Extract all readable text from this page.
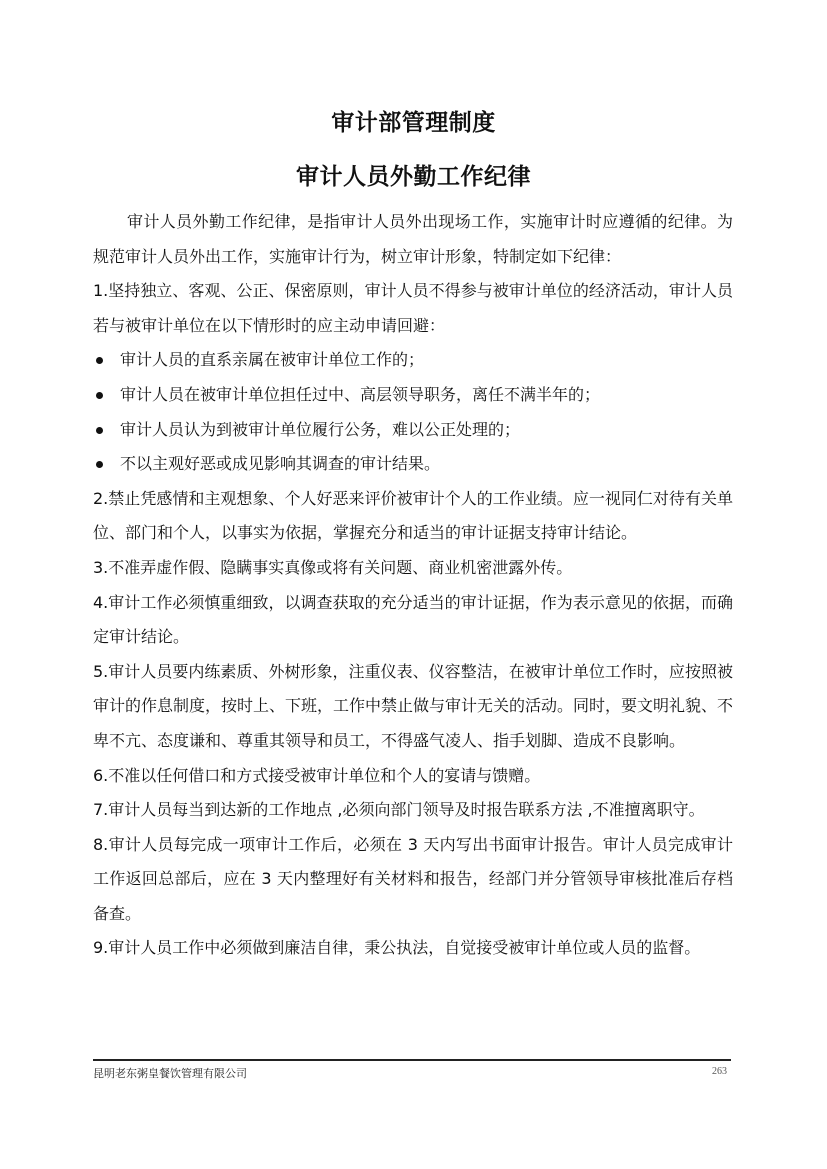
审计部管理制度
审计人员外勤工作纪律

审计人员外勤工作纪律，是指审计人员外出现场工作，实施审计时应遵循的纪律。为规范审计人员外出工作，实施审计行为，树立审计形象，特制定如下纪律：

1.坚持独立、客观、公正、保密原则，审计人员不得参与被审计单位的经济活动，审计人员若与被审计单位在以下情形时的应主动申请回避：

审计人员的直系亲属在被审计单位工作的；

审计人员在被审计单位担任过中、高层领导职务，离任不满半年的；

审计人员认为到被审计单位履行公务，难以公正处理的；

不以主观好恶或成见影响其调查的审计结果。

2.禁止凭感情和主观想象、个人好恶来评价被审计个人的工作业绩。应一视同仁对待有关单位、部门和个人，以事实为依据，掌握充分和适当的审计证据支持审计结论。

3.不准弄虚作假、隐瞒事实真像或将有关问题、商业机密泄露外传。

4.审计工作必须慎重细致，以调查获取的充分适当的审计证据，作为表示意见的依据，而确定审计结论。

5.审计人员要内练素质、外树形象，注重仪表、仪容整洁，在被审计单位工作时，应按照被审计的作息制度，按时上、下班，工作中禁止做与审计无关的活动。同时，要文明礼貌、不卑不亢、态度谦和、尊重其领导和员工，不得盛气凌人、指手划脚、造成不良影响。

6.不准以任何借口和方式接受被审计单位和个人的宴请与馈赠。

7.审计人员每当到达新的工作地点 ,必须向部门领导及时报告联系方法 ,不准擅离职守。

8.审计人员每完成一项审计工作后，必须在 3 天内写出书面审计报告。审计人员完成审计工作返回总部后，应在 3 天内整理好有关材料和报告，经部门并分管领导审核批准后存档备查。

9.审计人员工作中必须做到廉洁自律，秉公执法，自觉接受被审计单位或人员的监督。

昆明老东粥皇餐饮管理有限公司	263
